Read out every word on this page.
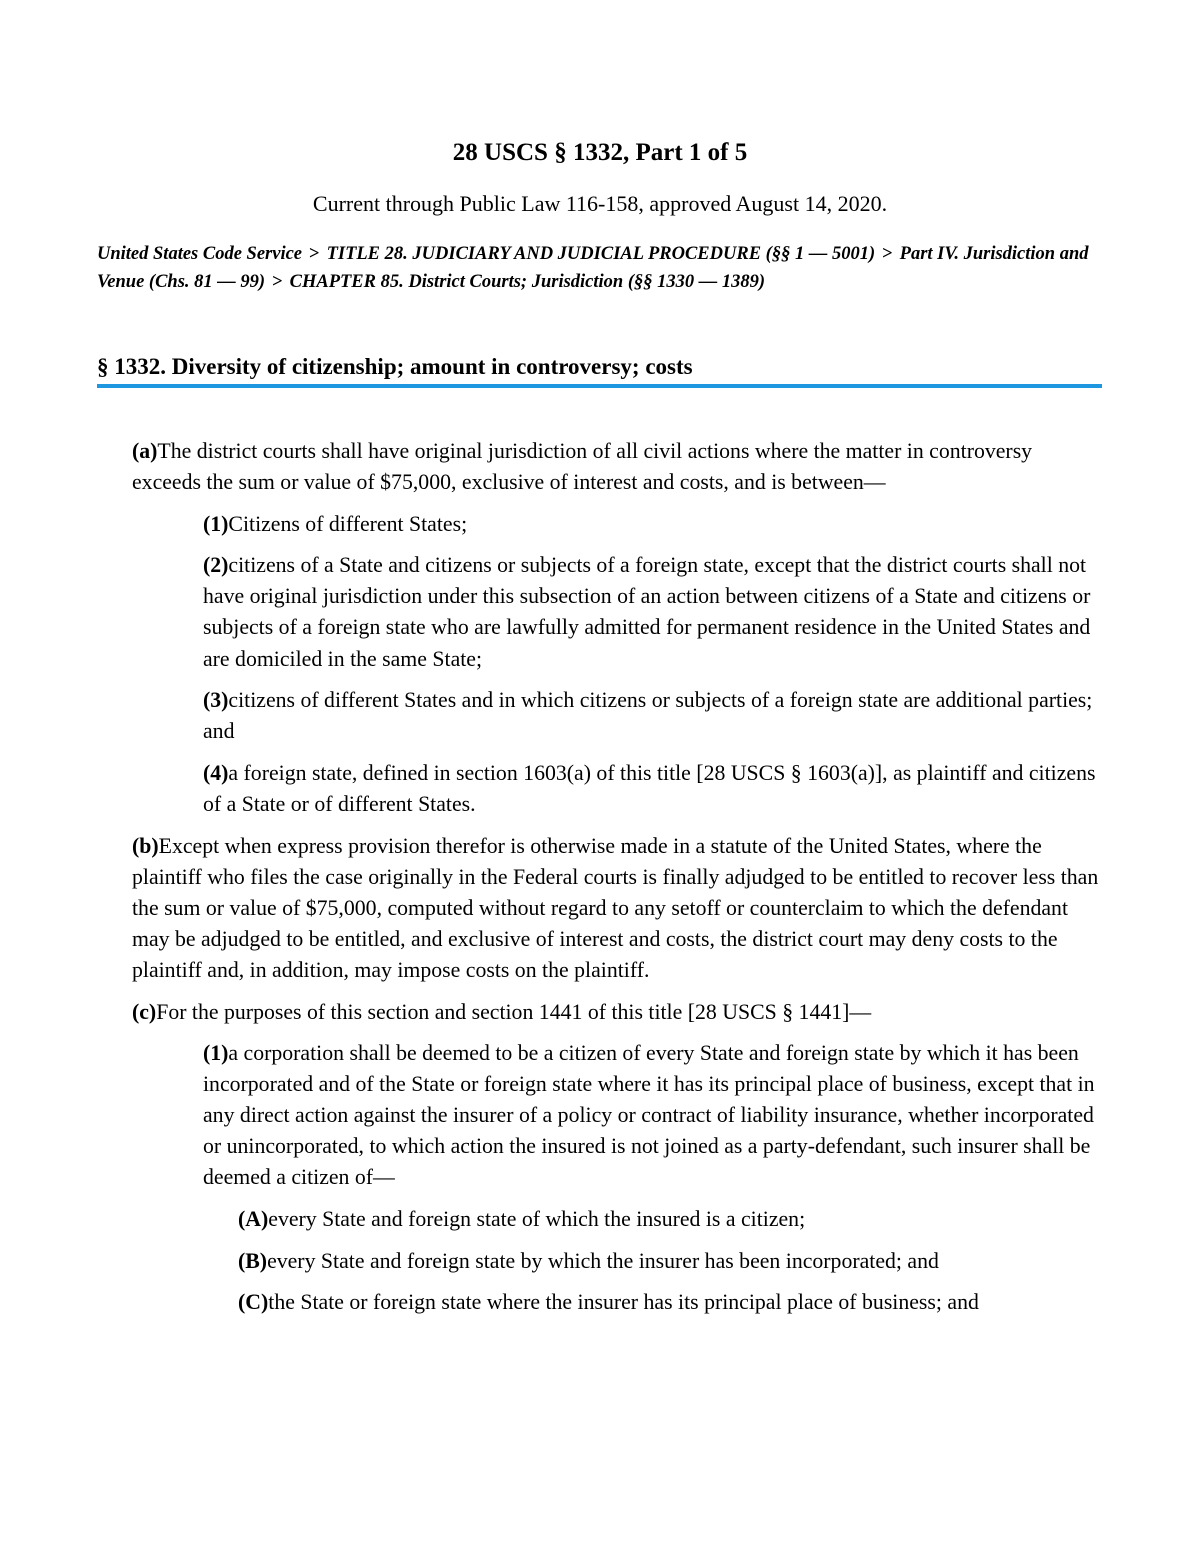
28 USCS § 1332, Part 1 of 5
Current through Public Law 116-158, approved August 14, 2020.
United States Code Service > TITLE 28. JUDICIARY AND JUDICIAL PROCEDURE (§§ 1 — 5001) > Part IV. Jurisdiction and Venue (Chs. 81 — 99) > CHAPTER 85. District Courts; Jurisdiction (§§ 1330 — 1389)
§ 1332. Diversity of citizenship; amount in controversy; costs

(a)The district courts shall have original jurisdiction of all civil actions where the matter in controversy exceeds the sum or value of $75,000, exclusive of interest and costs, and is between—

(1)Citizens of different States;

(2)citizens of a State and citizens or subjects of a foreign state, except that the district courts shall not have original jurisdiction under this subsection of an action between citizens of a State and citizens or subjects of a foreign state who are lawfully admitted for permanent residence in the United States and are domiciled in the same State;

(3)citizens of different States and in which citizens or subjects of a foreign state are additional parties; and

(4)a foreign state, defined in section 1603(a) of this title [28 USCS § 1603(a)], as plaintiff and citizens of a State or of different States.

(b)Except when express provision therefor is otherwise made in a statute of the United States, where the plaintiff who files the case originally in the Federal courts is finally adjudged to be entitled to recover less than the sum or value of $75,000, computed without regard to any setoff or counterclaim to which the defendant may be adjudged to be entitled, and exclusive of interest and costs, the district court may deny costs to the plaintiff and, in addition, may impose costs on the plaintiff.

(c)For the purposes of this section and section 1441 of this title [28 USCS § 1441]—

(1)a corporation shall be deemed to be a citizen of every State and foreign state by which it has been incorporated and of the State or foreign state where it has its principal place of business, except that in any direct action against the insurer of a policy or contract of liability insurance, whether incorporated or unincorporated, to which action the insured is not joined as a party-defendant, such insurer shall be deemed a citizen of—

(A)every State and foreign state of which the insured is a citizen;

(B)every State and foreign state by which the insurer has been incorporated; and

(C)the State or foreign state where the insurer has its principal place of business; and
